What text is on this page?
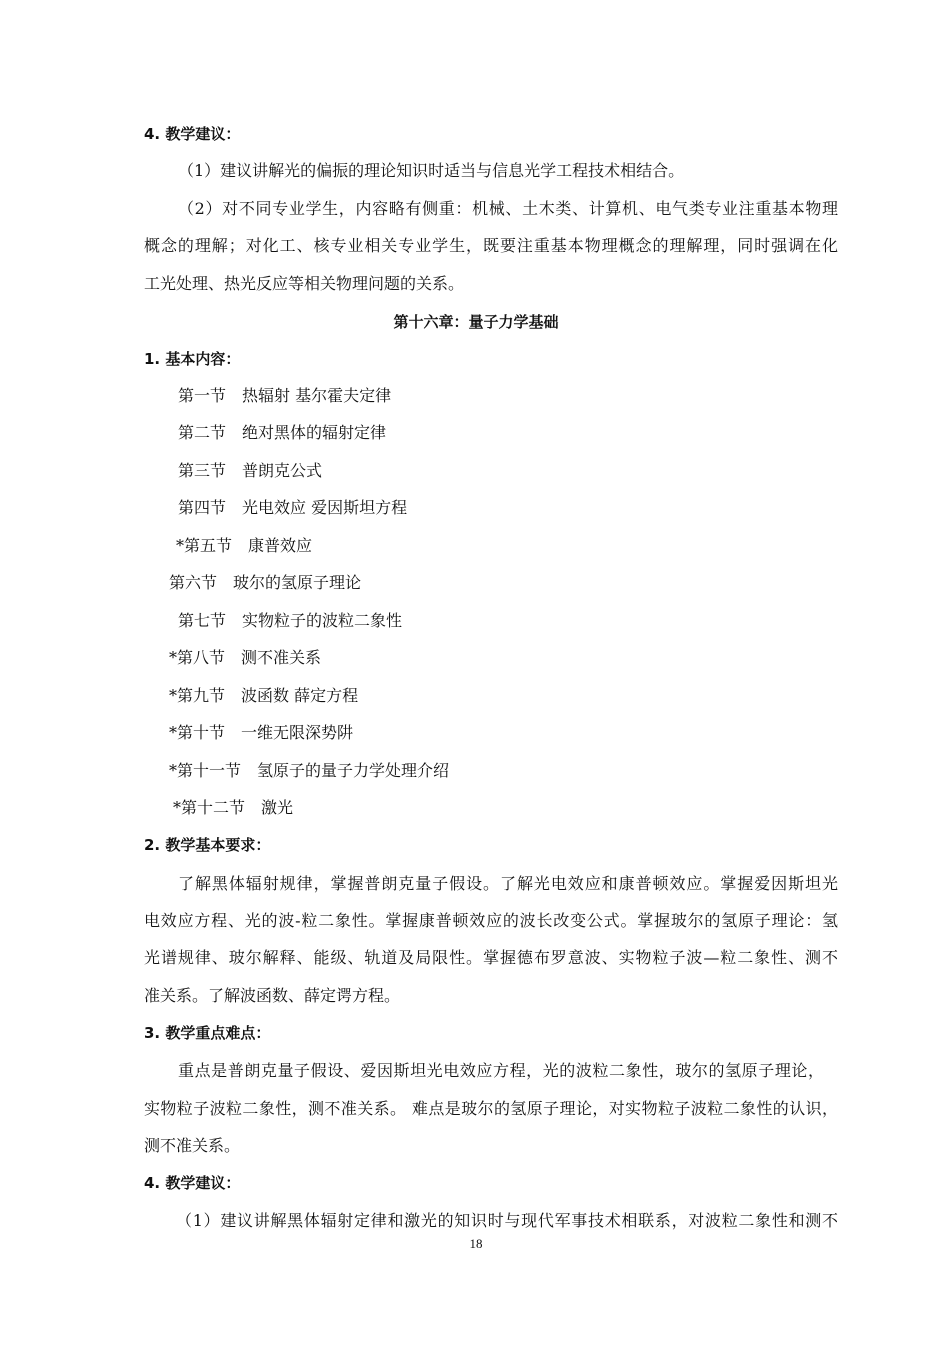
4. 教学建议：
（1）建议讲解光的偏振的理论知识时适当与信息光学工程技术相结合。
（2）对不同专业学生，内容略有侧重：机械、土木类、计算机、电气类专业注重基本物理
概念的理解；对化工、核专业相关专业学生，既要注重基本物理概念的理解理，同时强调在化
工光处理、热光反应等相关物理问题的关系。
第十六章：量子力学基础
1. 基本内容：
第一节　热辐射 基尔霍夫定律
第二节　绝对黑体的辐射定律
第三节　普朗克公式
第四节　光电效应 爱因斯坦方程
*第五节　康普效应
第六节　玻尔的氢原子理论
第七节　实物粒子的波粒二象性
*第八节　测不准关系
*第九节　波函数 薛定方程
*第十节　一维无限深势阱
*第十一节　氢原子的量子力学处理介绍
*第十二节　激光
2. 教学基本要求：
了解黑体辐射规律，掌握普朗克量子假设。了解光电效应和康普顿效应。掌握爱因斯坦光
电效应方程、光的波-粒二象性。掌握康普顿效应的波长改变公式。掌握玻尔的氢原子理论：氢
光谱规律、玻尔解释、能级、轨道及局限性。掌握德布罗意波、实物粒子波—粒二象性、测不
准关系。了解波函数、薛定谔方程。
3. 教学重点难点：
重点是普朗克量子假设、爱因斯坦光电效应方程，光的波粒二象性，玻尔的氢原子理论，
实物粒子波粒二象性，测不准关系。 难点是玻尔的氢原子理论，对实物粒子波粒二象性的认识，
测不准关系。
4. 教学建议：
（1）建议讲解黑体辐射定律和激光的知识时与现代军事技术相联系，对波粒二象性和测不
18
